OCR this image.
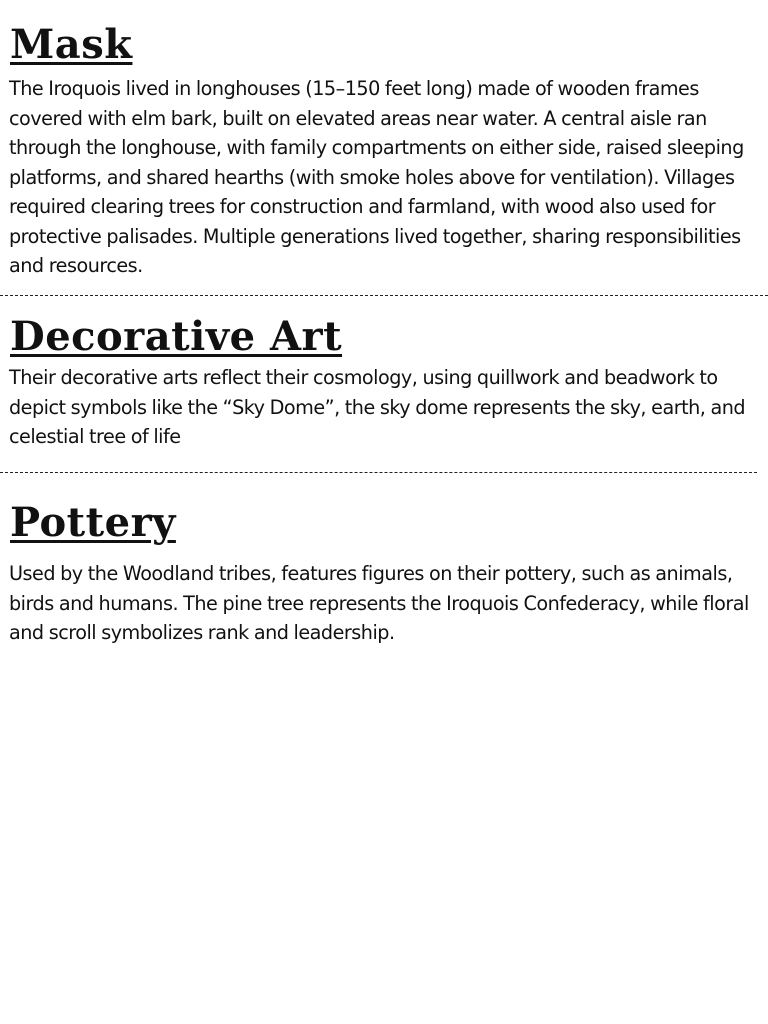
Mask

The Iroquois lived in longhouses (15–150 feet long) made of wooden frames covered with elm bark, built on elevated areas near water. A central aisle ran through the longhouse, with family compartments on either side, raised sleeping platforms, and shared hearths (with smoke holes above for ventilation). Villages required clearing trees for construction and farmland, with wood also used for protective palisades. Multiple generations lived together, sharing responsibilities and resources.

Decorative Art

Their decorative arts reflect their cosmology, using quillwork and beadwork to depict symbols like the “Sky Dome”, the sky dome represents the sky, earth, and celestial tree of life

Pottery

Used by the Woodland tribes, features figures on their pottery, such as animals, birds and humans. The pine tree represents the Iroquois Confederacy, while floral and scroll symbolizes rank and leadership.
